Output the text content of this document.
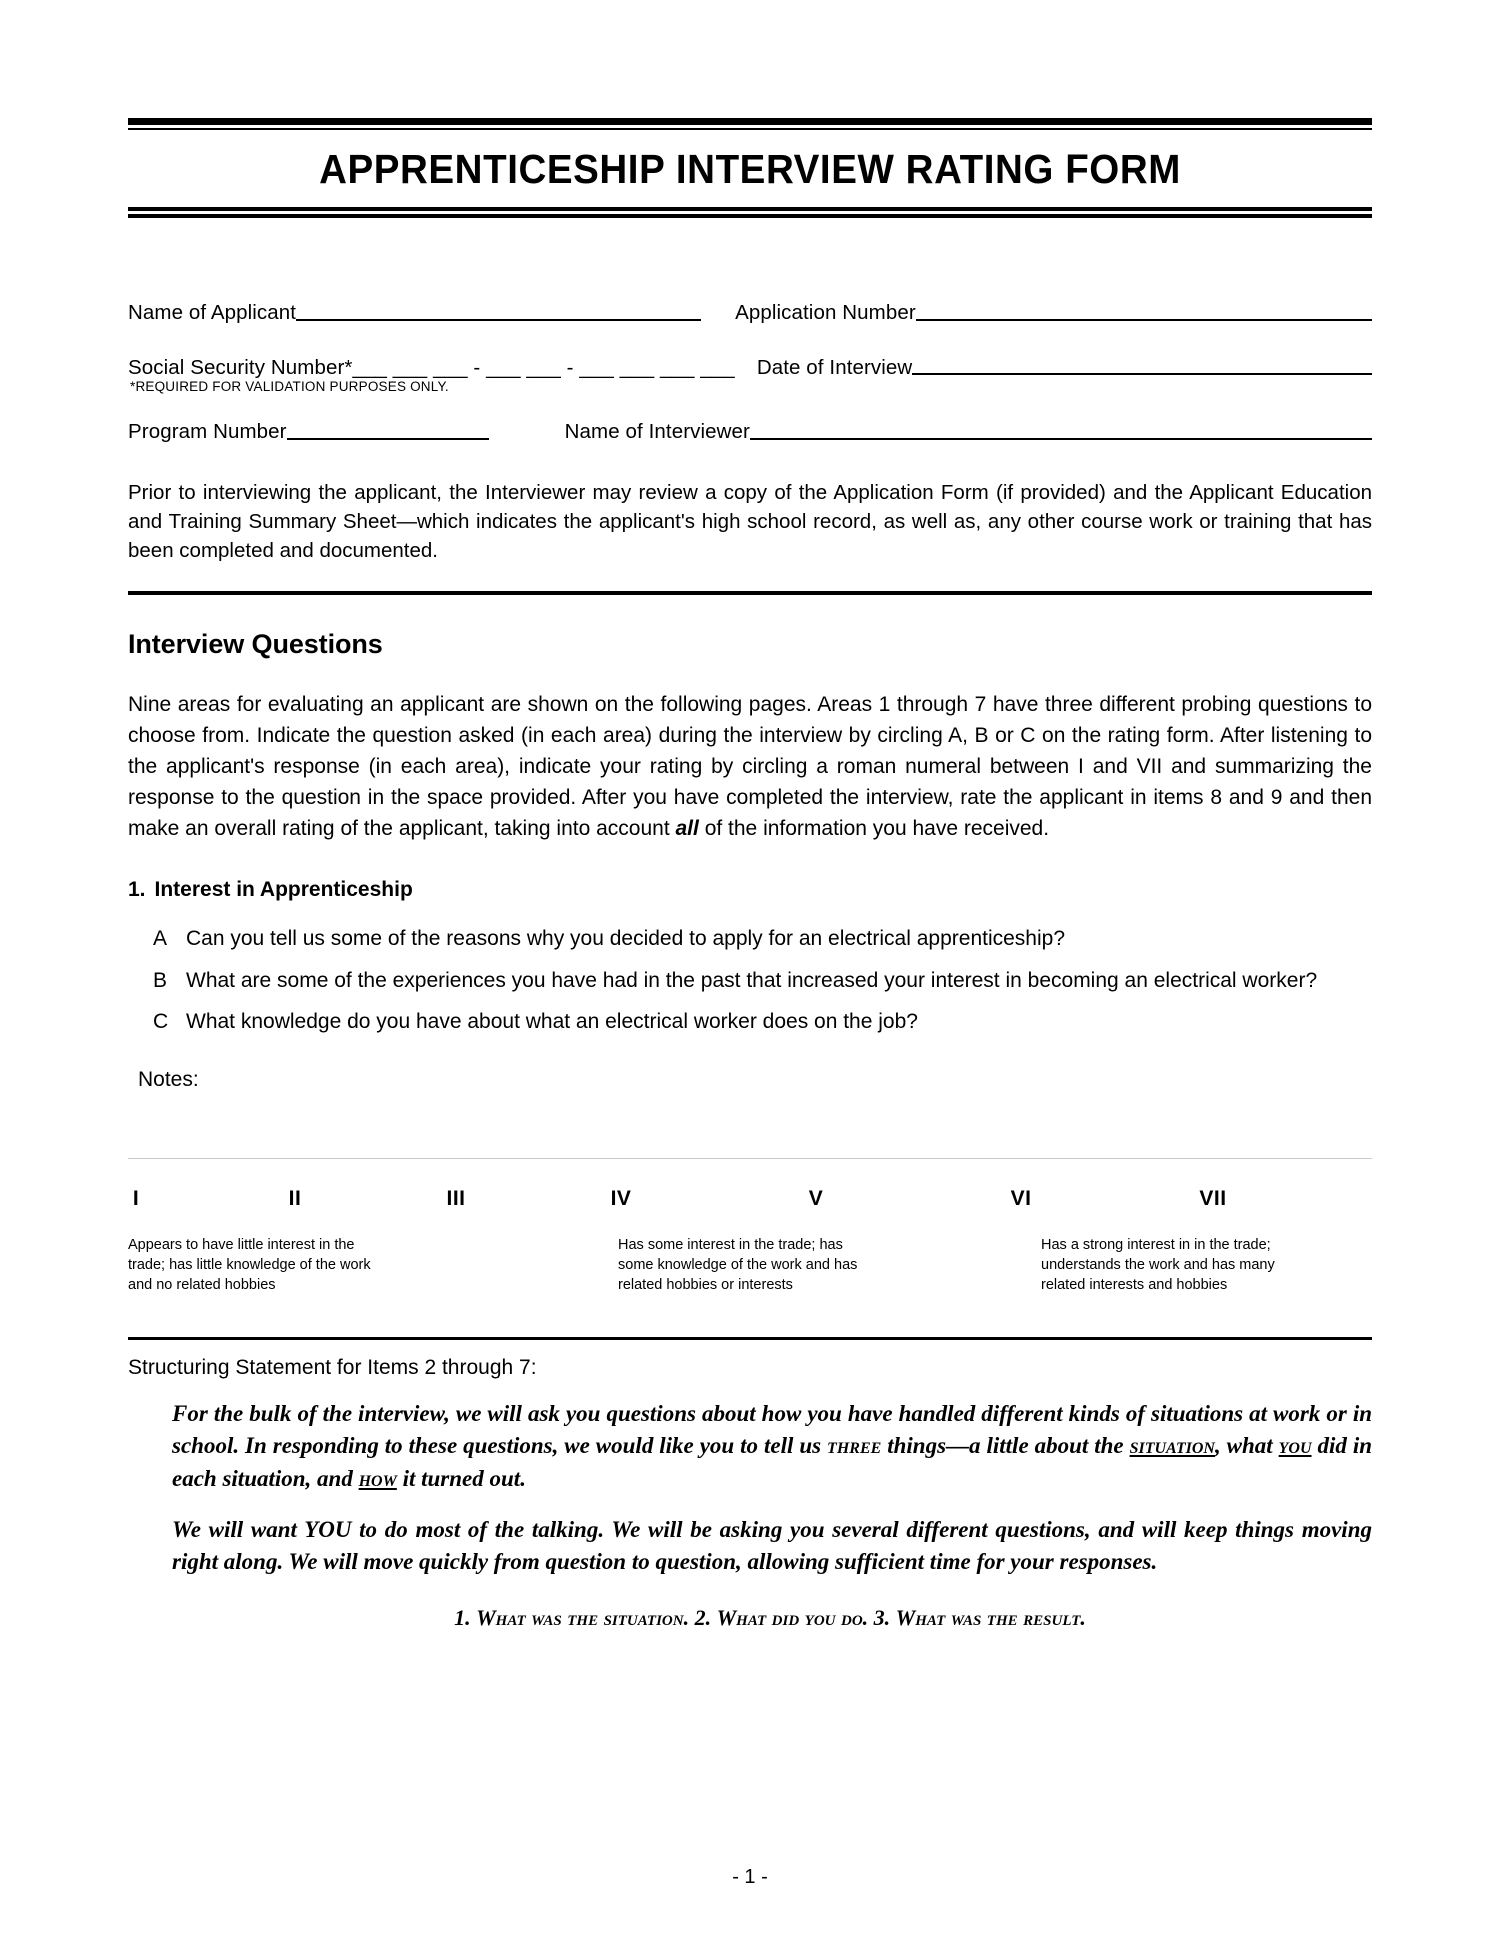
APPRENTICESHIP INTERVIEW RATING FORM
Name of Applicant	Application Number
Social Security Number* ___ ___ ___ - ___ ___ - ___ ___ ___ ___ Date of Interview
*REQUIRED FOR VALIDATION PURPOSES ONLY.
Program Number	Name of Interviewer

Prior to interviewing the applicant, the Interviewer may review a copy of the Application Form (if provided) and the Applicant Education and Training Summary Sheet—which indicates the applicant's high school record, as well as, any other course work or training that has been completed and documented.

Interview Questions

Nine areas for evaluating an applicant are shown on the following pages. Areas 1 through 7 have three different probing questions to choose from. Indicate the question asked (in each area) during the interview by circling A, B or C on the rating form. After listening to the applicant's response (in each area), indicate your rating by circling a roman numeral between I and VII and summarizing the response to the question in the space provided. After you have completed the interview, rate the applicant in items 8 and 9 and then make an overall rating of the applicant, taking into account all of the information you have received.

1. Interest in Apprenticeship
A Can you tell us some of the reasons why you decided to apply for an electrical apprenticeship?
B What are some of the experiences you have had in the past that increased your interest in becoming an electrical worker?
C What knowledge do you have about what an electrical worker does on the job?
Notes:
I	II	III	IV	V	VI	VII
Appears to have little interest in the trade; has little knowledge of the work and no related hobbies
Has some interest in the trade; has some knowledge of the work and has related hobbies or interests
Has a strong interest in in the trade; understands the work and has many related interests and hobbies
Structuring Statement for Items 2 through 7:

For the bulk of the interview, we will ask you questions about how you have handled different kinds of situations at work or in school. In responding to these questions, we would like you to tell us three things—a little about the situation, what you did in each situation, and how it turned out.

We will want YOU to do most of the talking. We will be asking you several different questions, and will keep things moving right along. We will move quickly from question to question, allowing sufficient time for your responses.

1. What was the situation. 2. What did you do. 3. What was the result.
- 1 -
